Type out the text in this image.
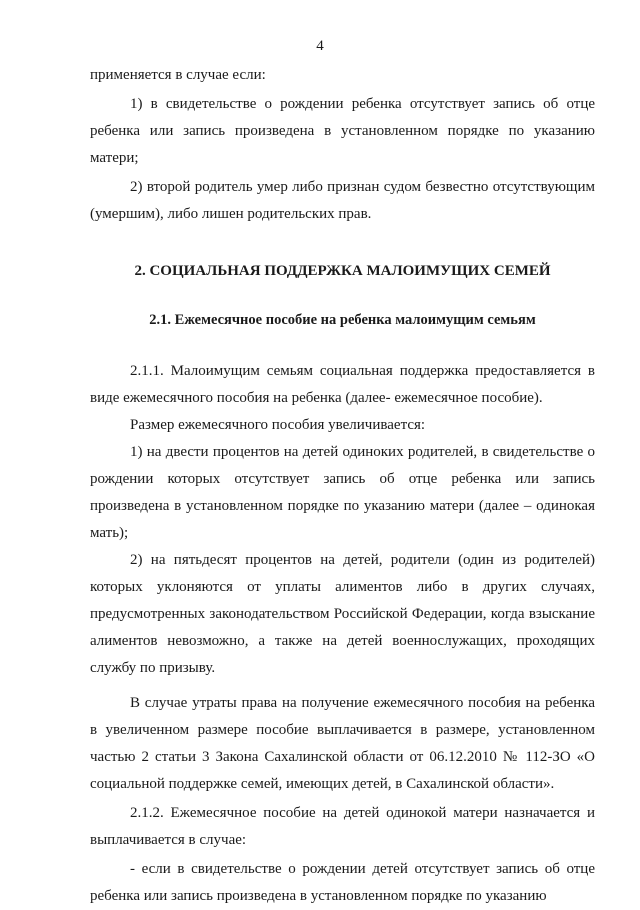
4

применяется в случае если:

1) в свидетельстве о рождении ребенка отсутствует запись об отце ребенка или запись произведена в установленном порядке по указанию матери;

2) второй родитель умер либо признан судом безвестно отсутствующим (умершим), либо лишен родительских прав.

2. СОЦИАЛЬНАЯ ПОДДЕРЖКА МАЛОИМУЩИХ СЕМЕЙ
2.1. Ежемесячное пособие на ребенка малоимущим семьям

2.1.1. Малоимущим семьям социальная поддержка предоставляется в виде ежемесячного пособия на ребенка (далее- ежемесячное пособие).

Размер ежемесячного пособия увеличивается:

1) на двести процентов на детей одиноких родителей, в свидетельстве о рождении которых отсутствует запись об отце ребенка или запись произведена в установленном порядке по указанию матери (далее – одинокая мать);

2) на пятьдесят процентов на детей, родители (один из родителей) которых уклоняются от уплаты алиментов либо в других случаях, предусмотренных законодательством Российской Федерации, когда взыскание алиментов невозможно, а также на детей военнослужащих, проходящих службу по призыву.

В случае утраты права на получение ежемесячного пособия на ребенка в увеличенном размере пособие выплачивается в размере, установленном частью 2 статьи 3 Закона Сахалинской области от 06.12.2010 № 112-ЗО «О социальной поддержке семей, имеющих детей, в Сахалинской области».

2.1.2. Ежемесячное пособие на детей одинокой матери назначается и выплачивается в случае:

- если в свидетельстве о рождении детей отсутствует запись об отце ребенка или запись произведена в установленном порядке по указанию
